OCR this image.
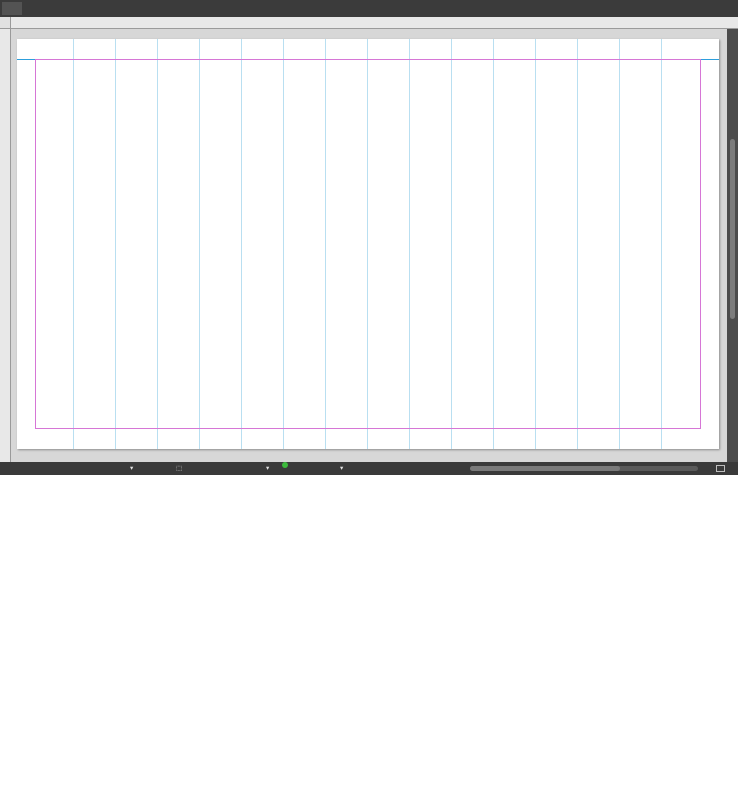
▾	⬚	▾	▾
